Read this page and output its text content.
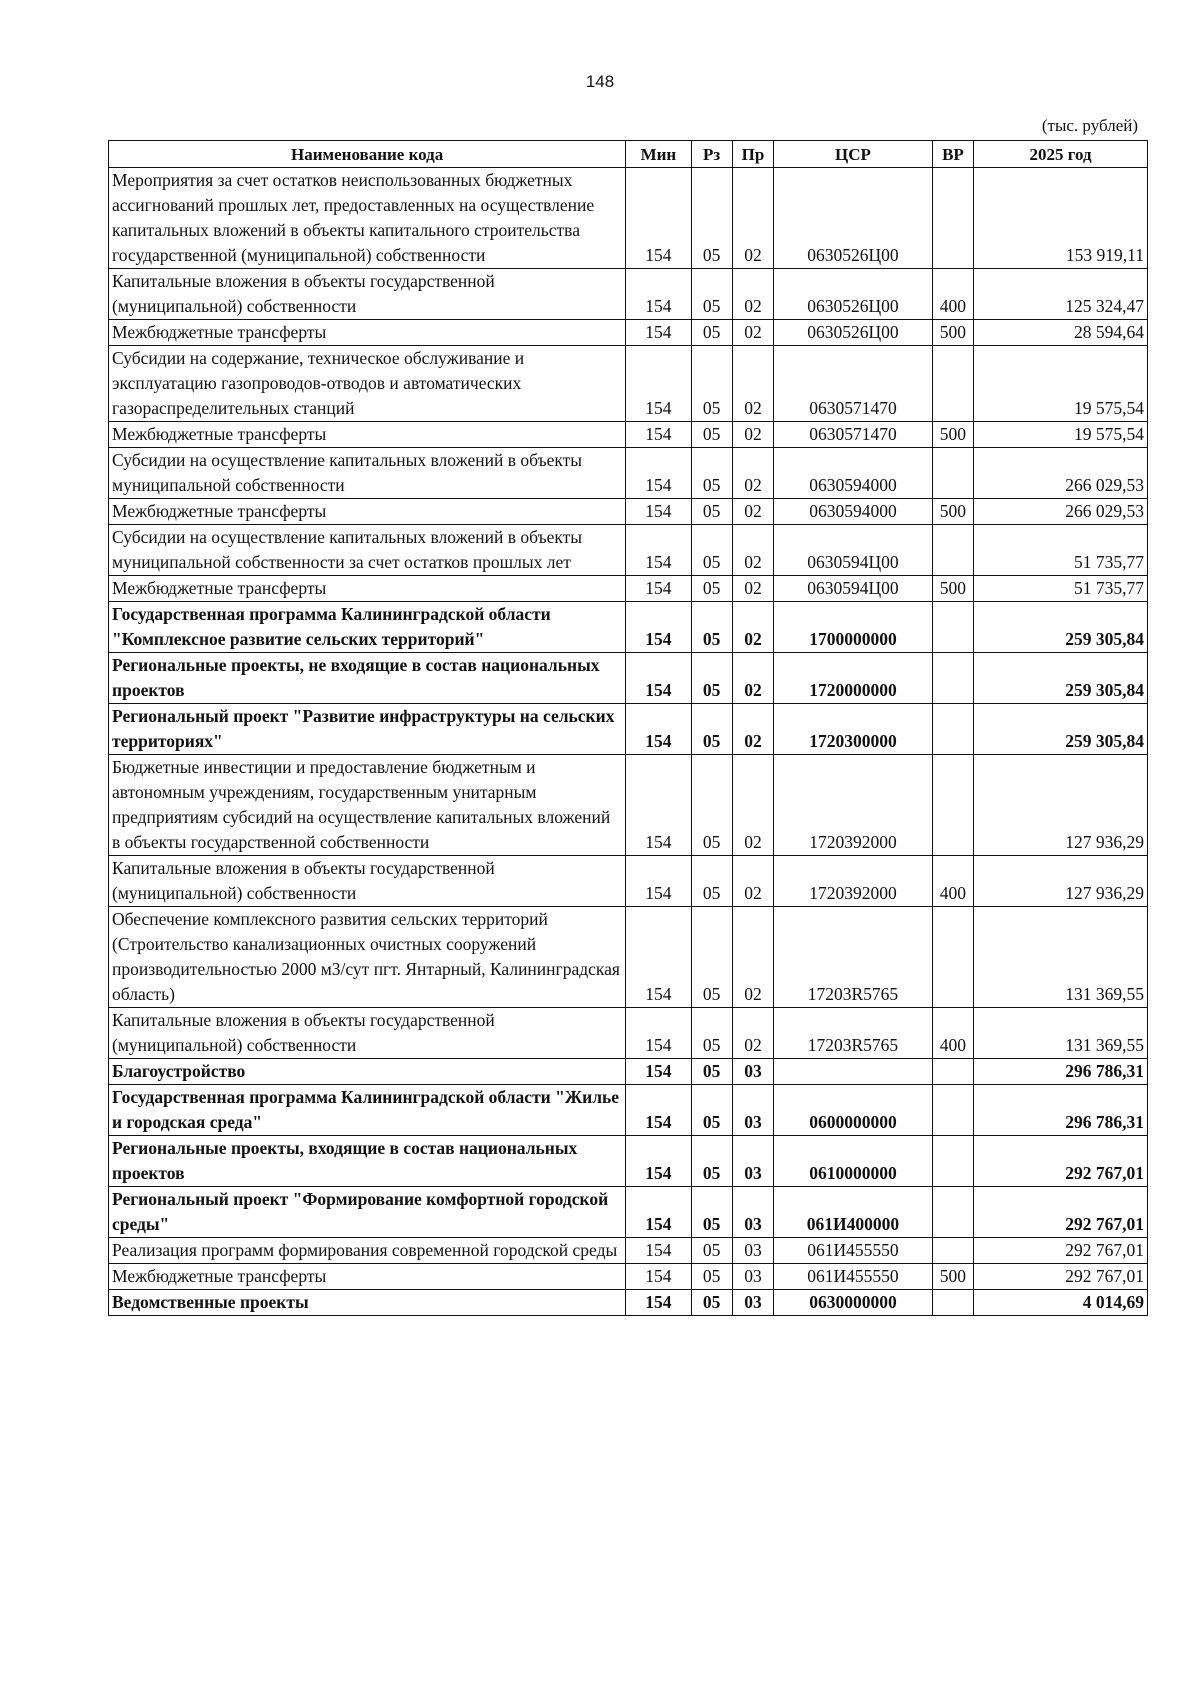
148
(тыс. рублей)
Наименование кода	Мин	Рз	Пр	ЦСР	ВР	2025 год
Мероприятия за счет остатков неиспользованных бюджетных ассигнований прошлых лет, предоставленных на осуществление капитальных вложений в объекты капитального строительства государственной (муниципальной) собственности	154	05	02	0630526Ц00		153 919,11
Капитальные вложения в объекты государственной (муниципальной) собственности	154	05	02	0630526Ц00	400	125 324,47
Межбюджетные трансферты	154	05	02	0630526Ц00	500	28 594,64
Субсидии на содержание, техническое обслуживание и эксплуатацию газопроводов-отводов и автоматических газораспределительных станций	154	05	02	0630571470		19 575,54
Межбюджетные трансферты	154	05	02	0630571470	500	19 575,54
Субсидии на осуществление капитальных вложений в объекты муниципальной собственности	154	05	02	0630594000		266 029,53
Межбюджетные трансферты	154	05	02	0630594000	500	266 029,53
Субсидии на осуществление капитальных вложений в объекты муниципальной собственности за счет остатков прошлых лет	154	05	02	0630594Ц00		51 735,77
Межбюджетные трансферты	154	05	02	0630594Ц00	500	51 735,77
Государственная программа Калининградской области "Комплексное развитие сельских территорий"	154	05	02	1700000000		259 305,84
Региональные проекты, не входящие в состав национальных проектов	154	05	02	1720000000		259 305,84
Региональный проект "Развитие инфраструктуры на сельских территориях"	154	05	02	1720300000		259 305,84
Бюджетные инвестиции и предоставление бюджетным и автономным учреждениям, государственным унитарным предприятиям субсидий на осуществление капитальных вложений в объекты государственной собственности	154	05	02	1720392000		127 936,29
Капитальные вложения в объекты государственной (муниципальной) собственности	154	05	02	1720392000	400	127 936,29
Обеспечение комплексного развития сельских территорий (Строительство канализационных очистных сооружений производительностью 2000 м3/сут пгт. Янтарный, Калининградская область)	154	05	02	17203R5765		131 369,55
Капитальные вложения в объекты государственной (муниципальной) собственности	154	05	02	17203R5765	400	131 369,55
Благоустройство	154	05	03			296 786,31
Государственная программа Калининградской области "Жилье и городская среда"	154	05	03	0600000000		296 786,31
Региональные проекты, входящие в состав национальных проектов	154	05	03	0610000000		292 767,01
Региональный проект "Формирование комфортной городской среды"	154	05	03	061И400000		292 767,01
Реализация программ формирования современной городской среды	154	05	03	061И455550		292 767,01
Межбюджетные трансферты	154	05	03	061И455550	500	292 767,01
Ведомственные проекты	154	05	03	0630000000		4 014,69
